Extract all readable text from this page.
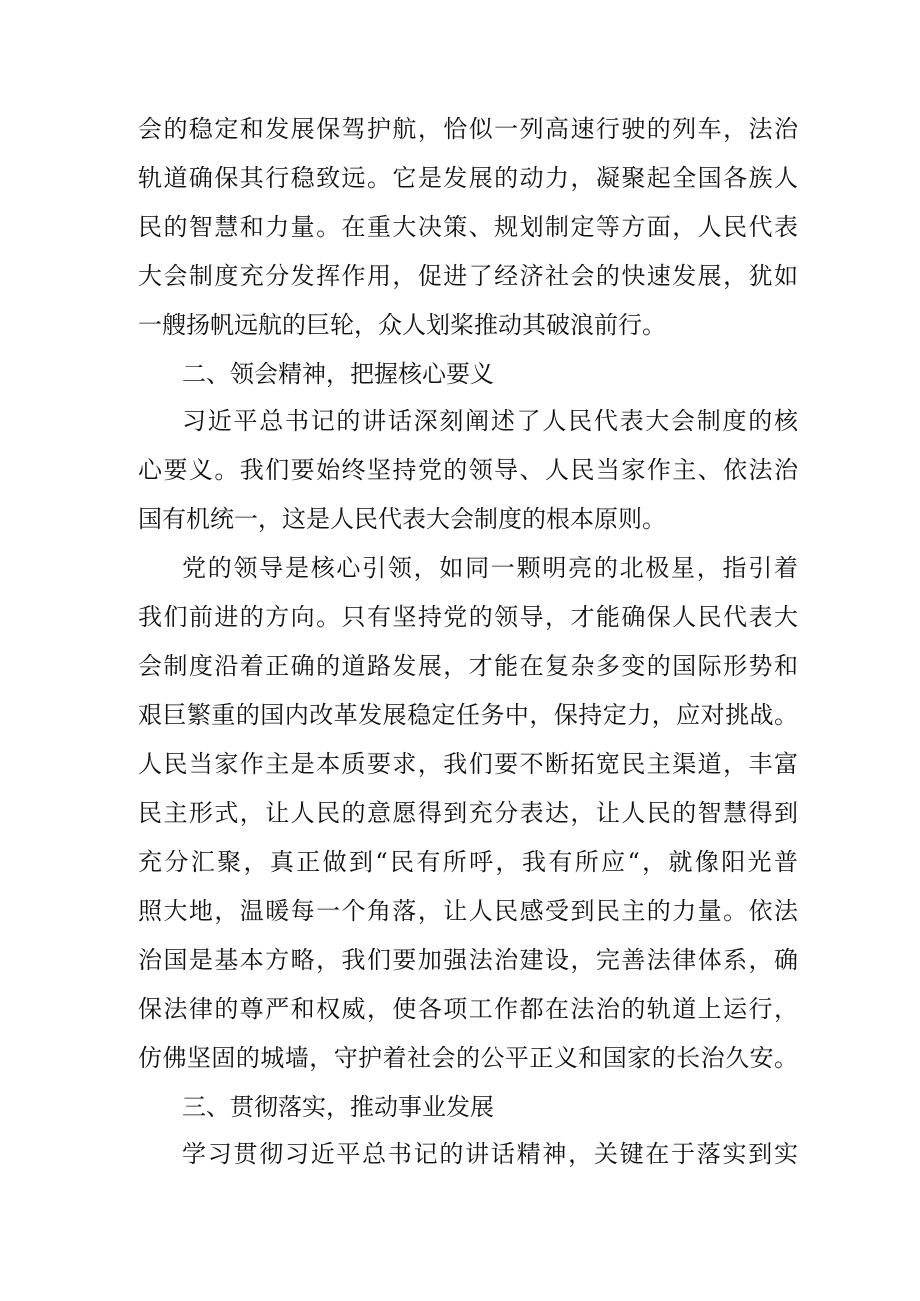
会的稳定和发展保驾护航，恰似一列高速行驶的列车，法治
轨道确保其行稳致远。它是发展的动力，凝聚起全国各族人
民的智慧和力量。在重大决策、规划制定等方面，人民代表
大会制度充分发挥作用，促进了经济社会的快速发展，犹如
一艘扬帆远航的巨轮，众人划桨推动其破浪前行。
二、领会精神，把握核心要义
习近平总书记的讲话深刻阐述了人民代表大会制度的核
心要义。我们要始终坚持党的领导、人民当家作主、依法治
国有机统一，这是人民代表大会制度的根本原则。
党的领导是核心引领，如同一颗明亮的北极星，指引着
我们前进的方向。只有坚持党的领导，才能确保人民代表大
会制度沿着正确的道路发展，才能在复杂多变的国际形势和
艰巨繁重的国内改革发展稳定任务中，保持定力，应对挑战。
人民当家作主是本质要求，我们要不断拓宽民主渠道，丰富
民主形式，让人民的意愿得到充分表达，让人民的智慧得到
充分汇聚，真正做到“民有所呼，我有所应“，就像阳光普
照大地，温暖每一个角落，让人民感受到民主的力量。依法
治国是基本方略，我们要加强法治建设，完善法律体系，确
保法律的尊严和权威，使各项工作都在法治的轨道上运行，
仿佛坚固的城墙，守护着社会的公平正义和国家的长治久安。
三、贯彻落实，推动事业发展
学习贯彻习近平总书记的讲话精神，关键在于落实到实
